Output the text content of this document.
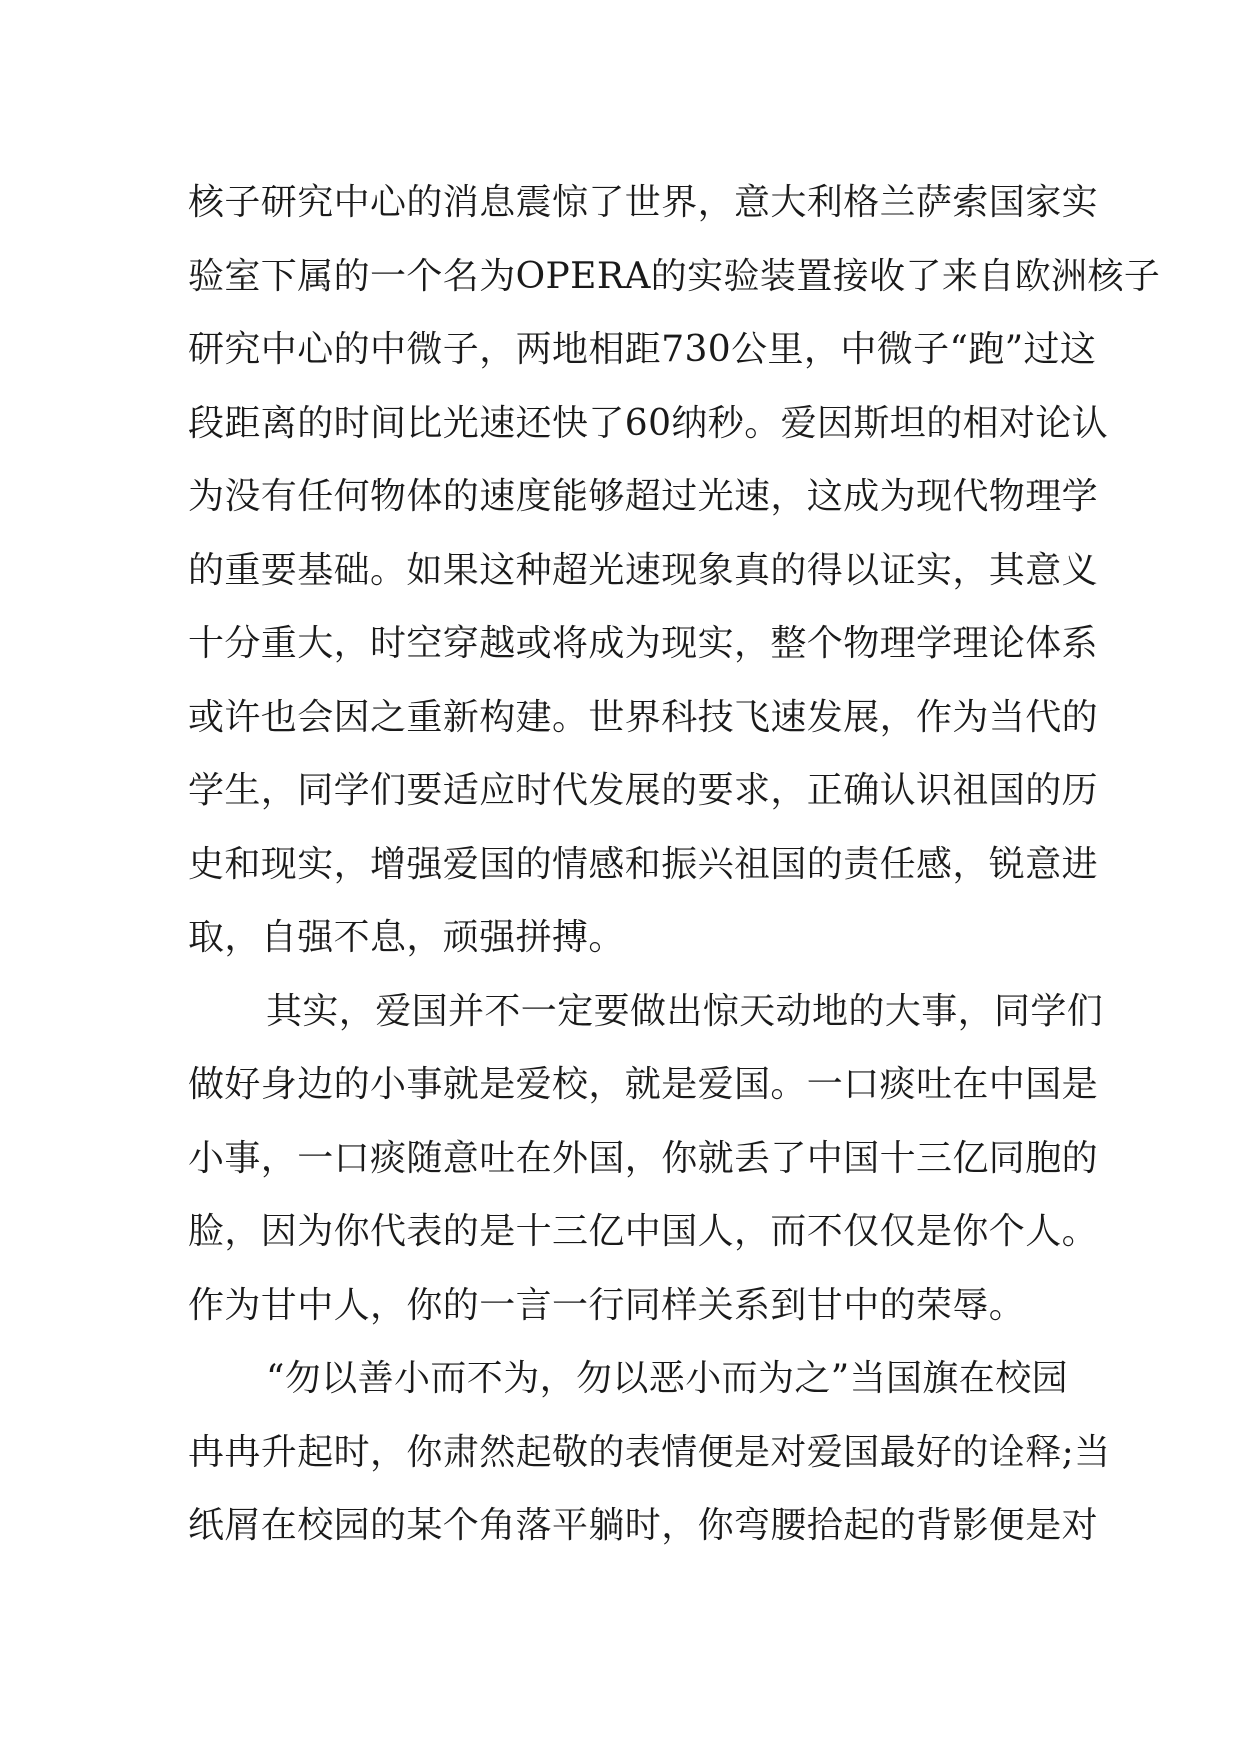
核子研究中心的消息震惊了世界，意大利格兰萨索国家实
验室下属的一个名为OPERA的实验装置接收了来自欧洲核子
研究中心的中微子，两地相距730公里，中微子“跑”过这
段距离的时间比光速还快了60纳秒。爱因斯坦的相对论认
为没有任何物体的速度能够超过光速，这成为现代物理学
的重要基础。如果这种超光速现象真的得以证实，其意义
十分重大，时空穿越或将成为现实，整个物理学理论体系
或许也会因之重新构建。世界科技飞速发展，作为当代的
学生，同学们要适应时代发展的要求，正确认识祖国的历
史和现实，增强爱国的情感和振兴祖国的责任感，锐意进
取，自强不息，顽强拼搏。
其实，爱国并不一定要做出惊天动地的大事，同学们
做好身边的小事就是爱校，就是爱国。一口痰吐在中国是
小事，一口痰随意吐在外国，你就丢了中国十三亿同胞的
脸，因为你代表的是十三亿中国人，而不仅仅是你个人。
作为甘中人，你的一言一行同样关系到甘中的荣辱。
“勿以善小而不为，勿以恶小而为之”当国旗在校园
冉冉升起时，你肃然起敬的表情便是对爱国最好的诠释;当
纸屑在校园的某个角落平躺时，你弯腰拾起的背影便是对
